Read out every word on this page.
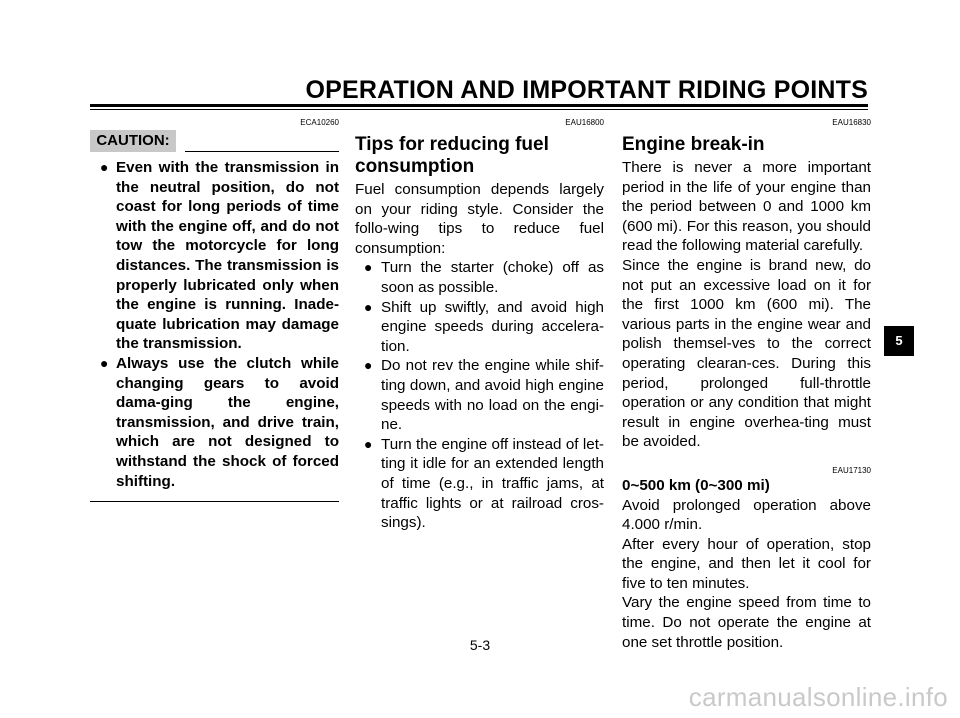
OPERATION AND IMPORTANT RIDING POINTS
ECA10260
CAUTION:
● Even with the transmission in the neutral position, do not coast for long periods of time with the engine off, and do not tow the motorcycle for long distances. The transmission is properly lubricated only when the engine is running. Inade-quate lubrication may damage the transmission.
● Always use the clutch while changing gears to avoid dama-ging the engine, transmission, and drive train, which are not designed to withstand the shock of forced shifting.
EAU16800
Tips for reducing fuel consumption

Fuel consumption depends largely on your riding style. Consider the follo-wing tips to reduce fuel consumption:

● Turn the starter (choke) off as soon as possible.
● Shift up swiftly, and avoid high engine speeds during accelera-tion.
● Do not rev the engine while shif-ting down, and avoid high engine speeds with no load on the engi-ne.
● Turn the engine off instead of let-ting it idle for an extended length of time (e.g., in traffic jams, at traffic lights or at railroad cros-sings).
EAU16830
Engine break-in

There is never a more important period in the life of your engine than the period between 0 and 1000 km (600 mi). For this reason, you should read the following material carefully.

Since the engine is brand new, do not put an excessive load on it for the first 1000 km (600 mi). The various parts in the engine wear and polish themsel-ves to the correct operating clearan-ces. During this period, prolonged full-throttle operation or any condition that might result in engine overhea-ting must be avoided.

EAU17130
0~500 km (0~300 mi)

Avoid prolonged operation above 4.000 r/min.

After every hour of operation, stop the engine, and then let it cool for five to ten minutes.

Vary the engine speed from time to time. Do not operate the engine at one set throttle position.

5-3
5
carmanualsonline.info
